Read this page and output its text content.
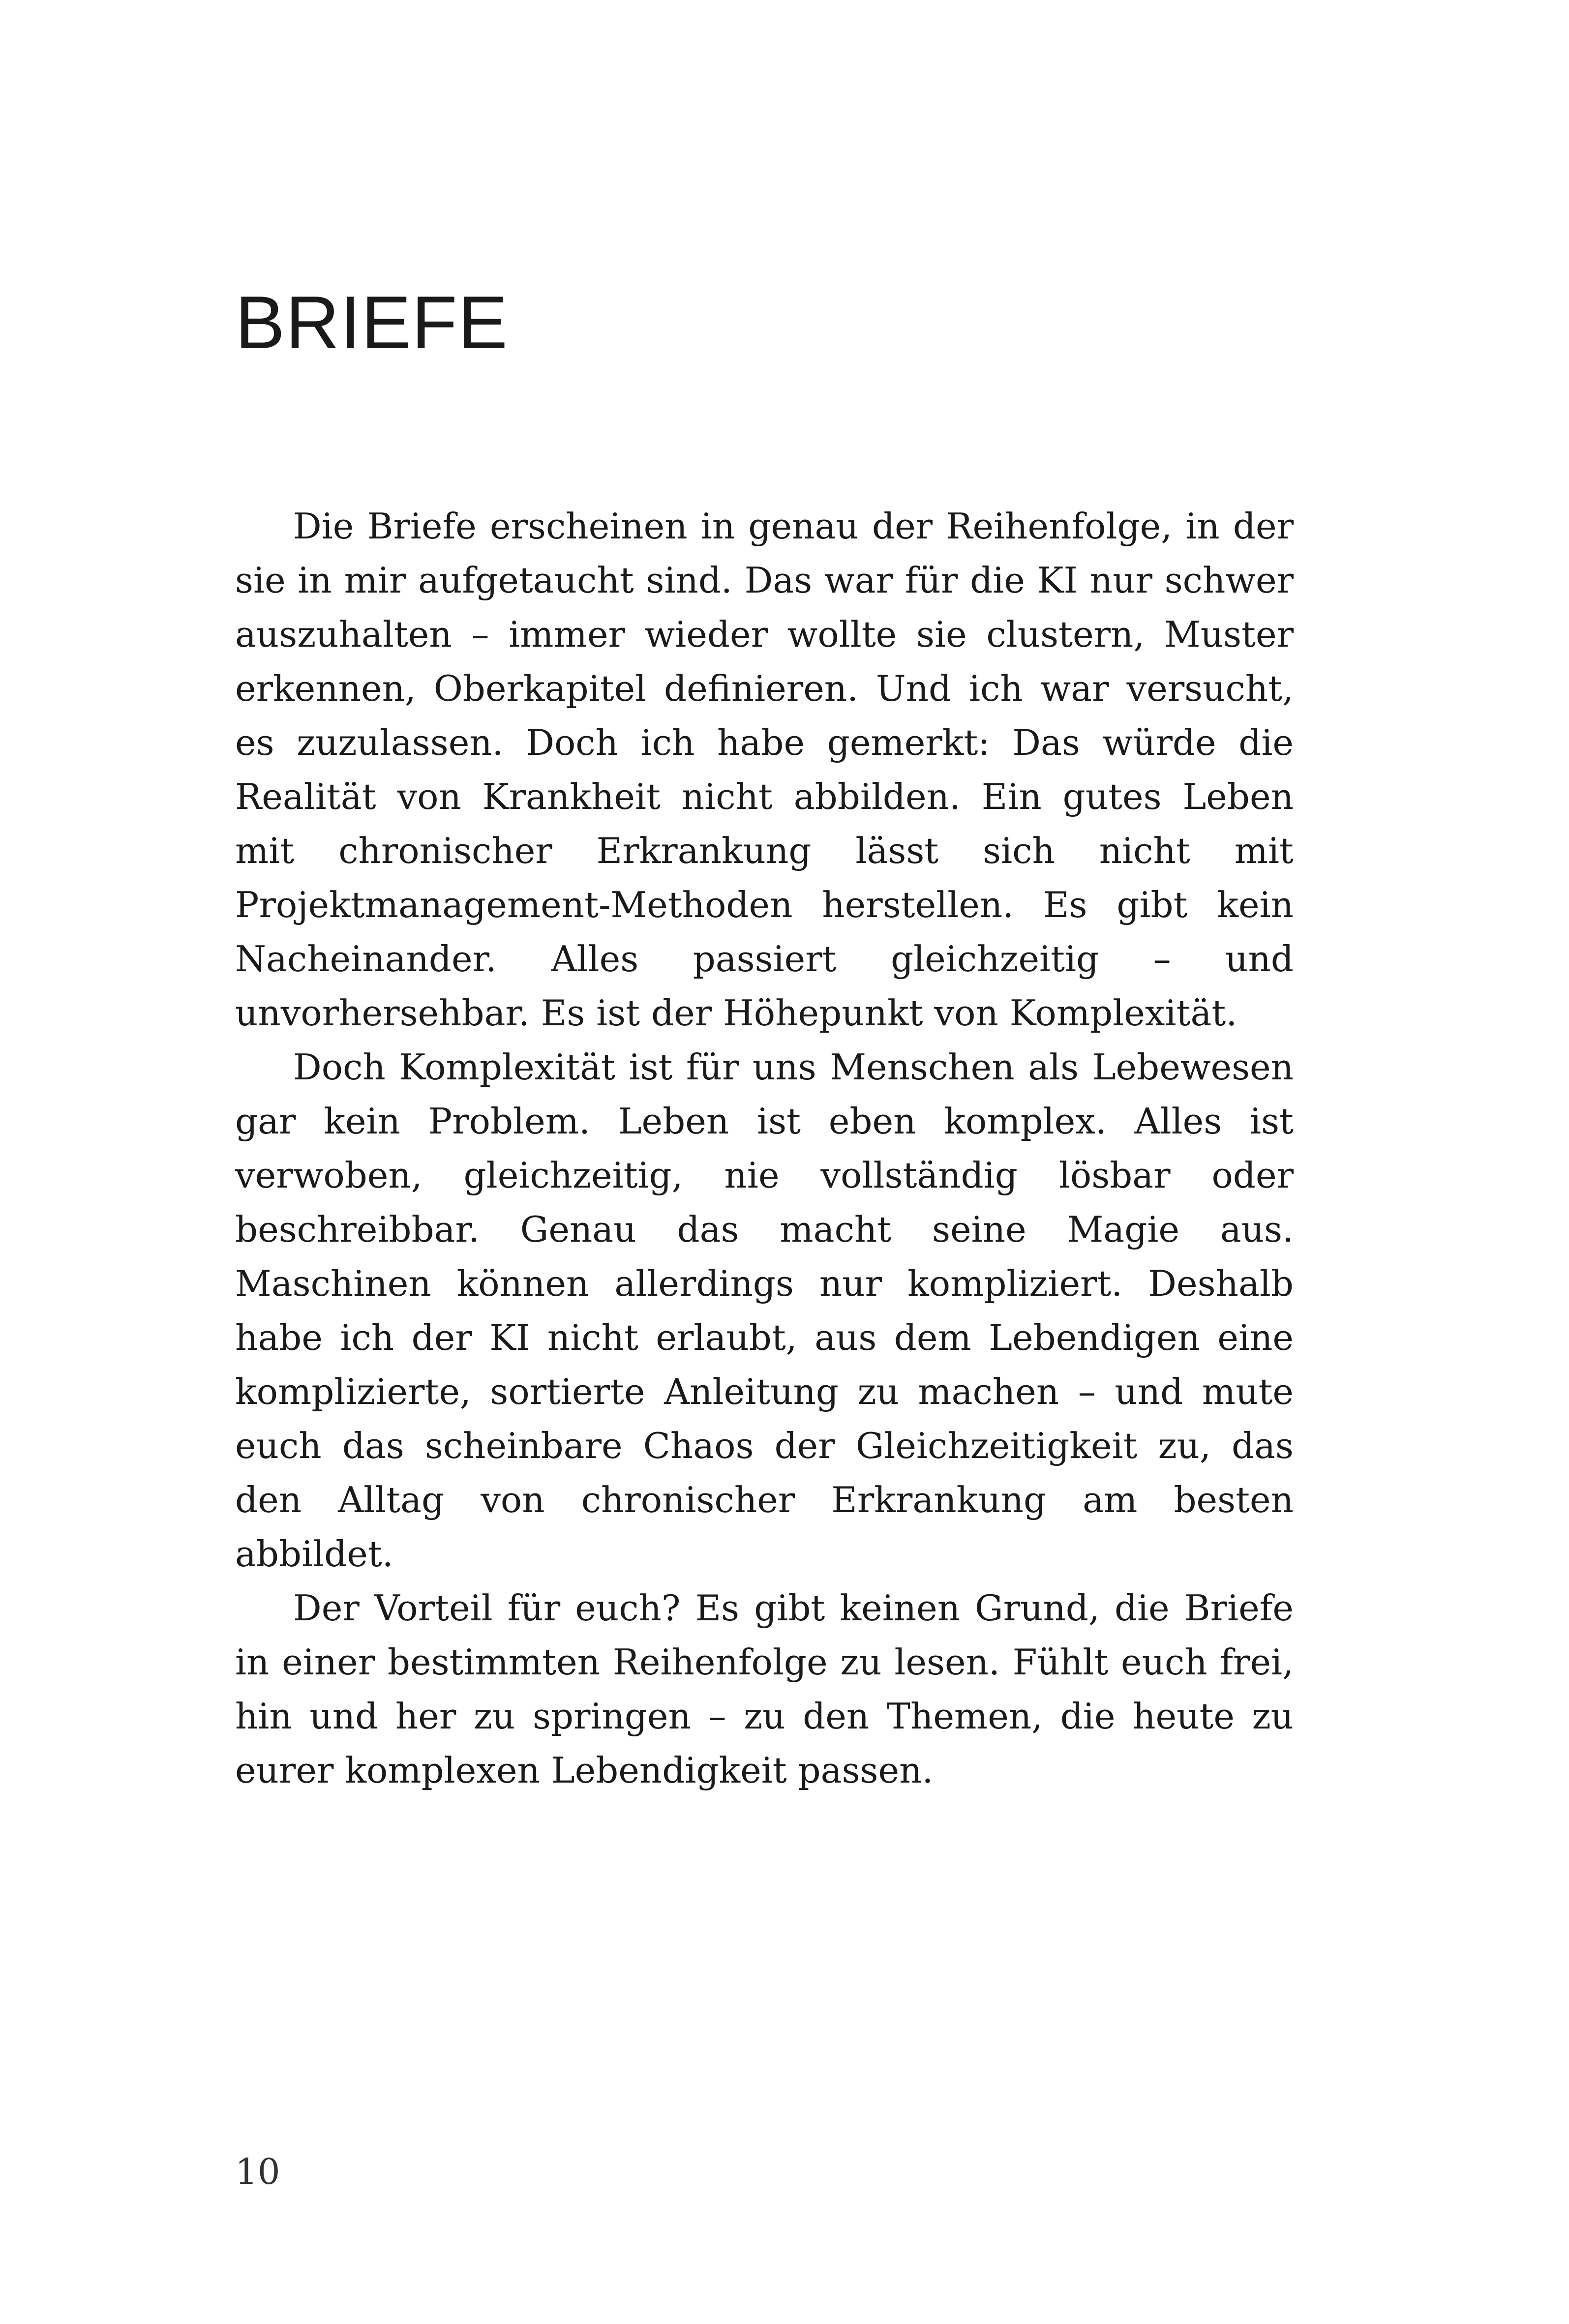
BRIEFE

Die Briefe erscheinen in genau der Reihenfolge, in der sie in mir aufgetaucht sind. Das war für die KI nur schwer auszuhalten – immer wieder wollte sie clustern, Muster erkennen, Oberkapitel definieren. Und ich war versucht, es zuzulassen. Doch ich habe gemerkt: Das würde die Realität von Krankheit nicht abbilden. Ein gutes Leben mit chronischer Erkrankung lässt sich nicht mit Projektmanagement-Methoden herstellen. Es gibt kein Nacheinander. Alles passiert gleichzeitig – und unvorhersehbar. Es ist der Höhepunkt von Komplexität.

Doch Komplexität ist für uns Menschen als Lebewesen gar kein Problem. Leben ist eben komplex. Alles ist verwoben, gleichzeitig, nie vollständig lösbar oder beschreibbar. Genau das macht seine Magie aus. Maschinen können allerdings nur kompliziert. Deshalb habe ich der KI nicht erlaubt, aus dem Lebendigen eine komplizierte, sortierte Anleitung zu machen – und mute euch das scheinbare Chaos der Gleichzeitigkeit zu, das den Alltag von chronischer Erkrankung am besten abbildet.

Der Vorteil für euch? Es gibt keinen Grund, die Briefe in einer bestimmten Reihenfolge zu lesen. Fühlt euch frei, hin und her zu springen – zu den Themen, die heute zu eurer komplexen Lebendigkeit passen.

10
